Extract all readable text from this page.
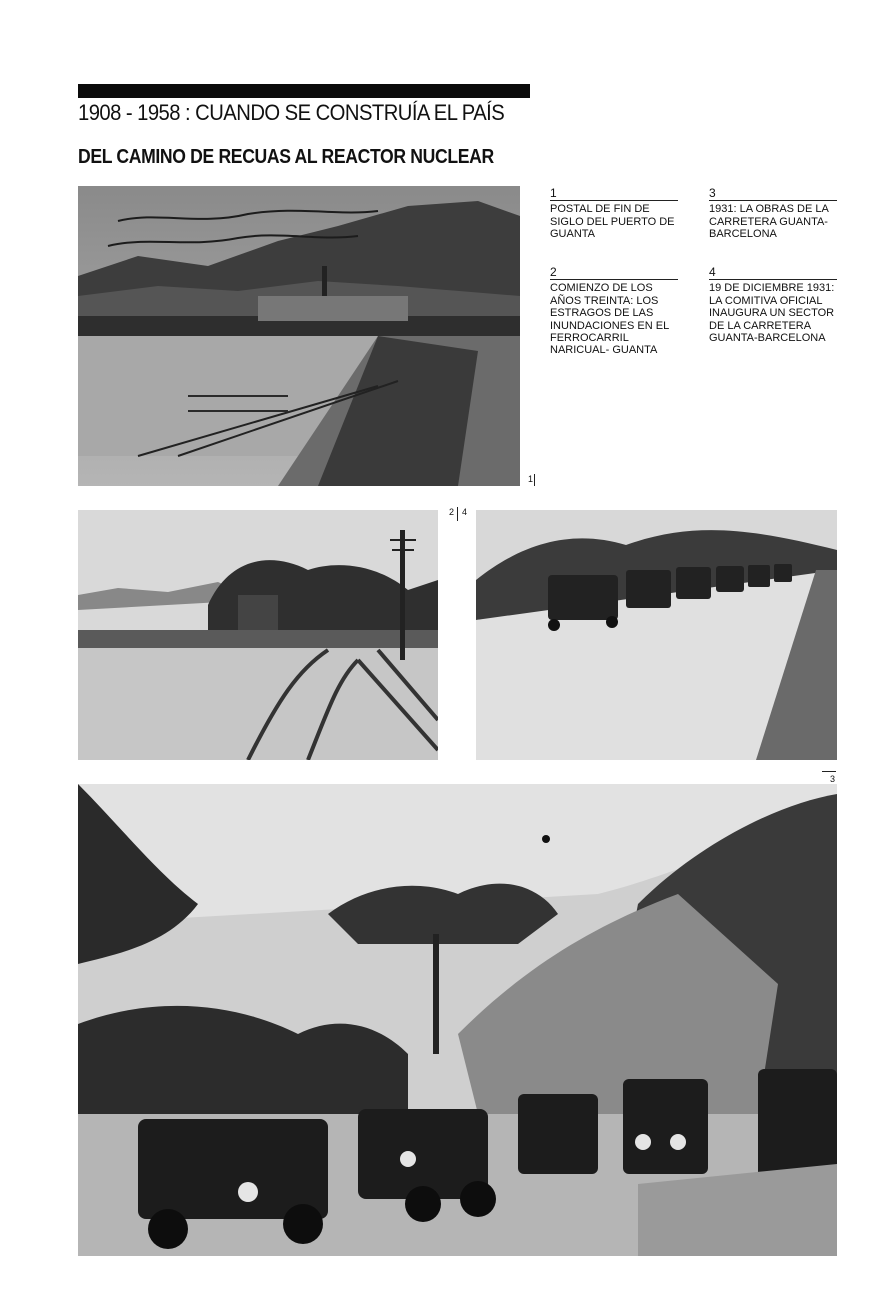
1908 - 1958 : CUANDO SE CONSTRUÍA EL PAÍS
DEL CAMINO DE RECUAS AL REACTOR NUCLEAR
1
1
POSTAL DE FIN DE SIGLO DEL PUERTO DE GUANTA
2
COMIENZO DE LOS AÑOS TREINTA: LOS ESTRAGOS DE LAS INUNDACIONES EN EL FERROCARRIL NARICUAL- GUANTA
3
1931: LA OBRAS DE LA CARRETERA GUANTA-BARCELONA
4
19 DE DICIEMBRE 1931: LA COMITIVA OFICIAL INAUGURA UN SECTOR DE LA CARRETERA GUANTA-BARCELONA
2 4
3
